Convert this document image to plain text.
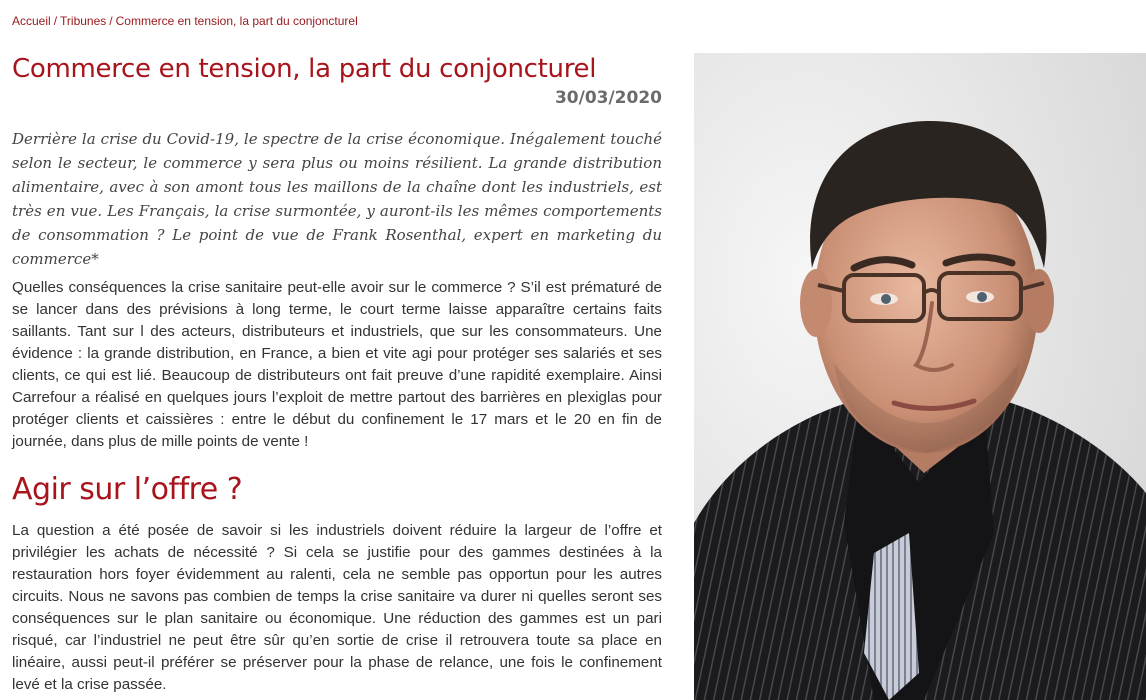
Accueil / Tribunes / Commerce en tension, la part du conjoncturel
Commerce en tension, la part du conjoncturel
30/03/2020

Derrière la crise du Covid-19, le spectre de la crise économique. Inégalement touché selon le secteur, le commerce y sera plus ou moins résilient. La grande distribution alimentaire, avec à son amont tous les maillons de la chaîne dont les industriels, est très en vue. Les Français, la crise surmontée, y auront-ils les mêmes comportements de consommation ? Le point de vue de Frank Rosenthal, expert en marketing du commerce*

Quelles conséquences la crise sanitaire peut-elle avoir sur le commerce ? S’il est prématuré de se lancer dans des prévisions à long terme, le court terme laisse apparaître certains faits saillants. Tant sur l des acteurs, distributeurs et industriels, que sur les consommateurs. Une évidence : la grande distribution, en France, a bien et vite agi pour protéger ses salariés et ses clients, ce qui est lié. Beaucoup de distributeurs ont fait preuve d’une rapidité exemplaire. Ainsi Carrefour a réalisé en quelques jours l’exploit de mettre partout des barrières en plexiglas pour protéger clients et caissières : entre le début du confinement le 17 mars et le 20 en fin de journée, dans plus de mille points de vente !

Agir sur l’offre ?

La question a été posée de savoir si les industriels doivent réduire la largeur de l’offre et privilégier les achats de nécessité ? Si cela se justifie pour des gammes destinées à la restauration hors foyer évidemment au ralenti, cela ne semble pas opportun pour les autres circuits. Nous ne savons pas combien de temps la crise sanitaire va durer ni quelles seront ses conséquences sur le plan sanitaire ou économique. Une réduction des gammes est un pari risqué, car l’industriel ne peut être sûr qu’en sortie de crise il retrouvera toute sa place en linéaire, aussi peut-il préférer se préserver pour la phase de relance, une fois le confinement levé et la crise passée.
